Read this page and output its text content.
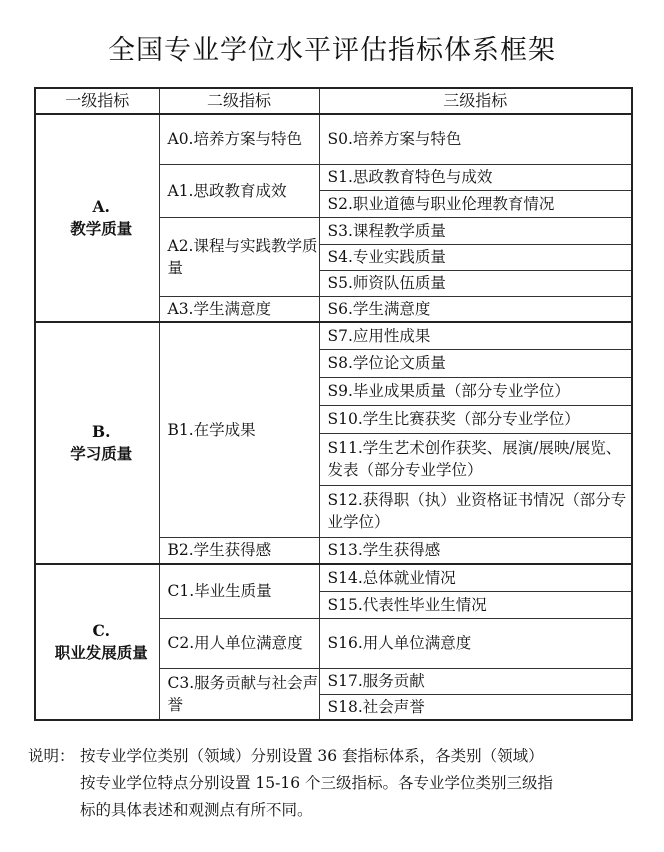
全国专业学位水平评估指标体系框架
一级指标	二级指标	三级指标

A.
教学质量	A0.培养方案与特色	S0.培养方案与特色
	A1.思政教育成效	S1.思政教育特色与成效
		S2.职业道德与职业伦理教育情况
	A2.课程与实践教学质量	S3.课程教学质量
		S4.专业实践质量
		S5.师资队伍质量
	A3.学生满意度	S6.学生满意度

B.
学习质量	B1.在学成果	S7.应用性成果
		S8.学位论文质量
		S9.毕业成果质量（部分专业学位）
		S10.学生比赛获奖（部分专业学位）
		S11.学生艺术创作获奖、展演/展映/展览、发表（部分专业学位）
		S12.获得职（执）业资格证书情况（部分专业学位）
	B2.学生获得感	S13.学生获得感

C.
职业发展质量	C1.毕业生质量	S14.总体就业情况
		S15.代表性毕业生情况
	C2.用人单位满意度	S16.用人单位满意度
	C3.服务贡献与社会声誉	S17.服务贡献
		S18.社会声誉

说明： 按专业学位类别（领域）分别设置 36 套指标体系，各类别（领域）
按专业学位特点分别设置 15-16 个三级指标。各专业学位类别三级指
标的具体表述和观测点有所不同。
